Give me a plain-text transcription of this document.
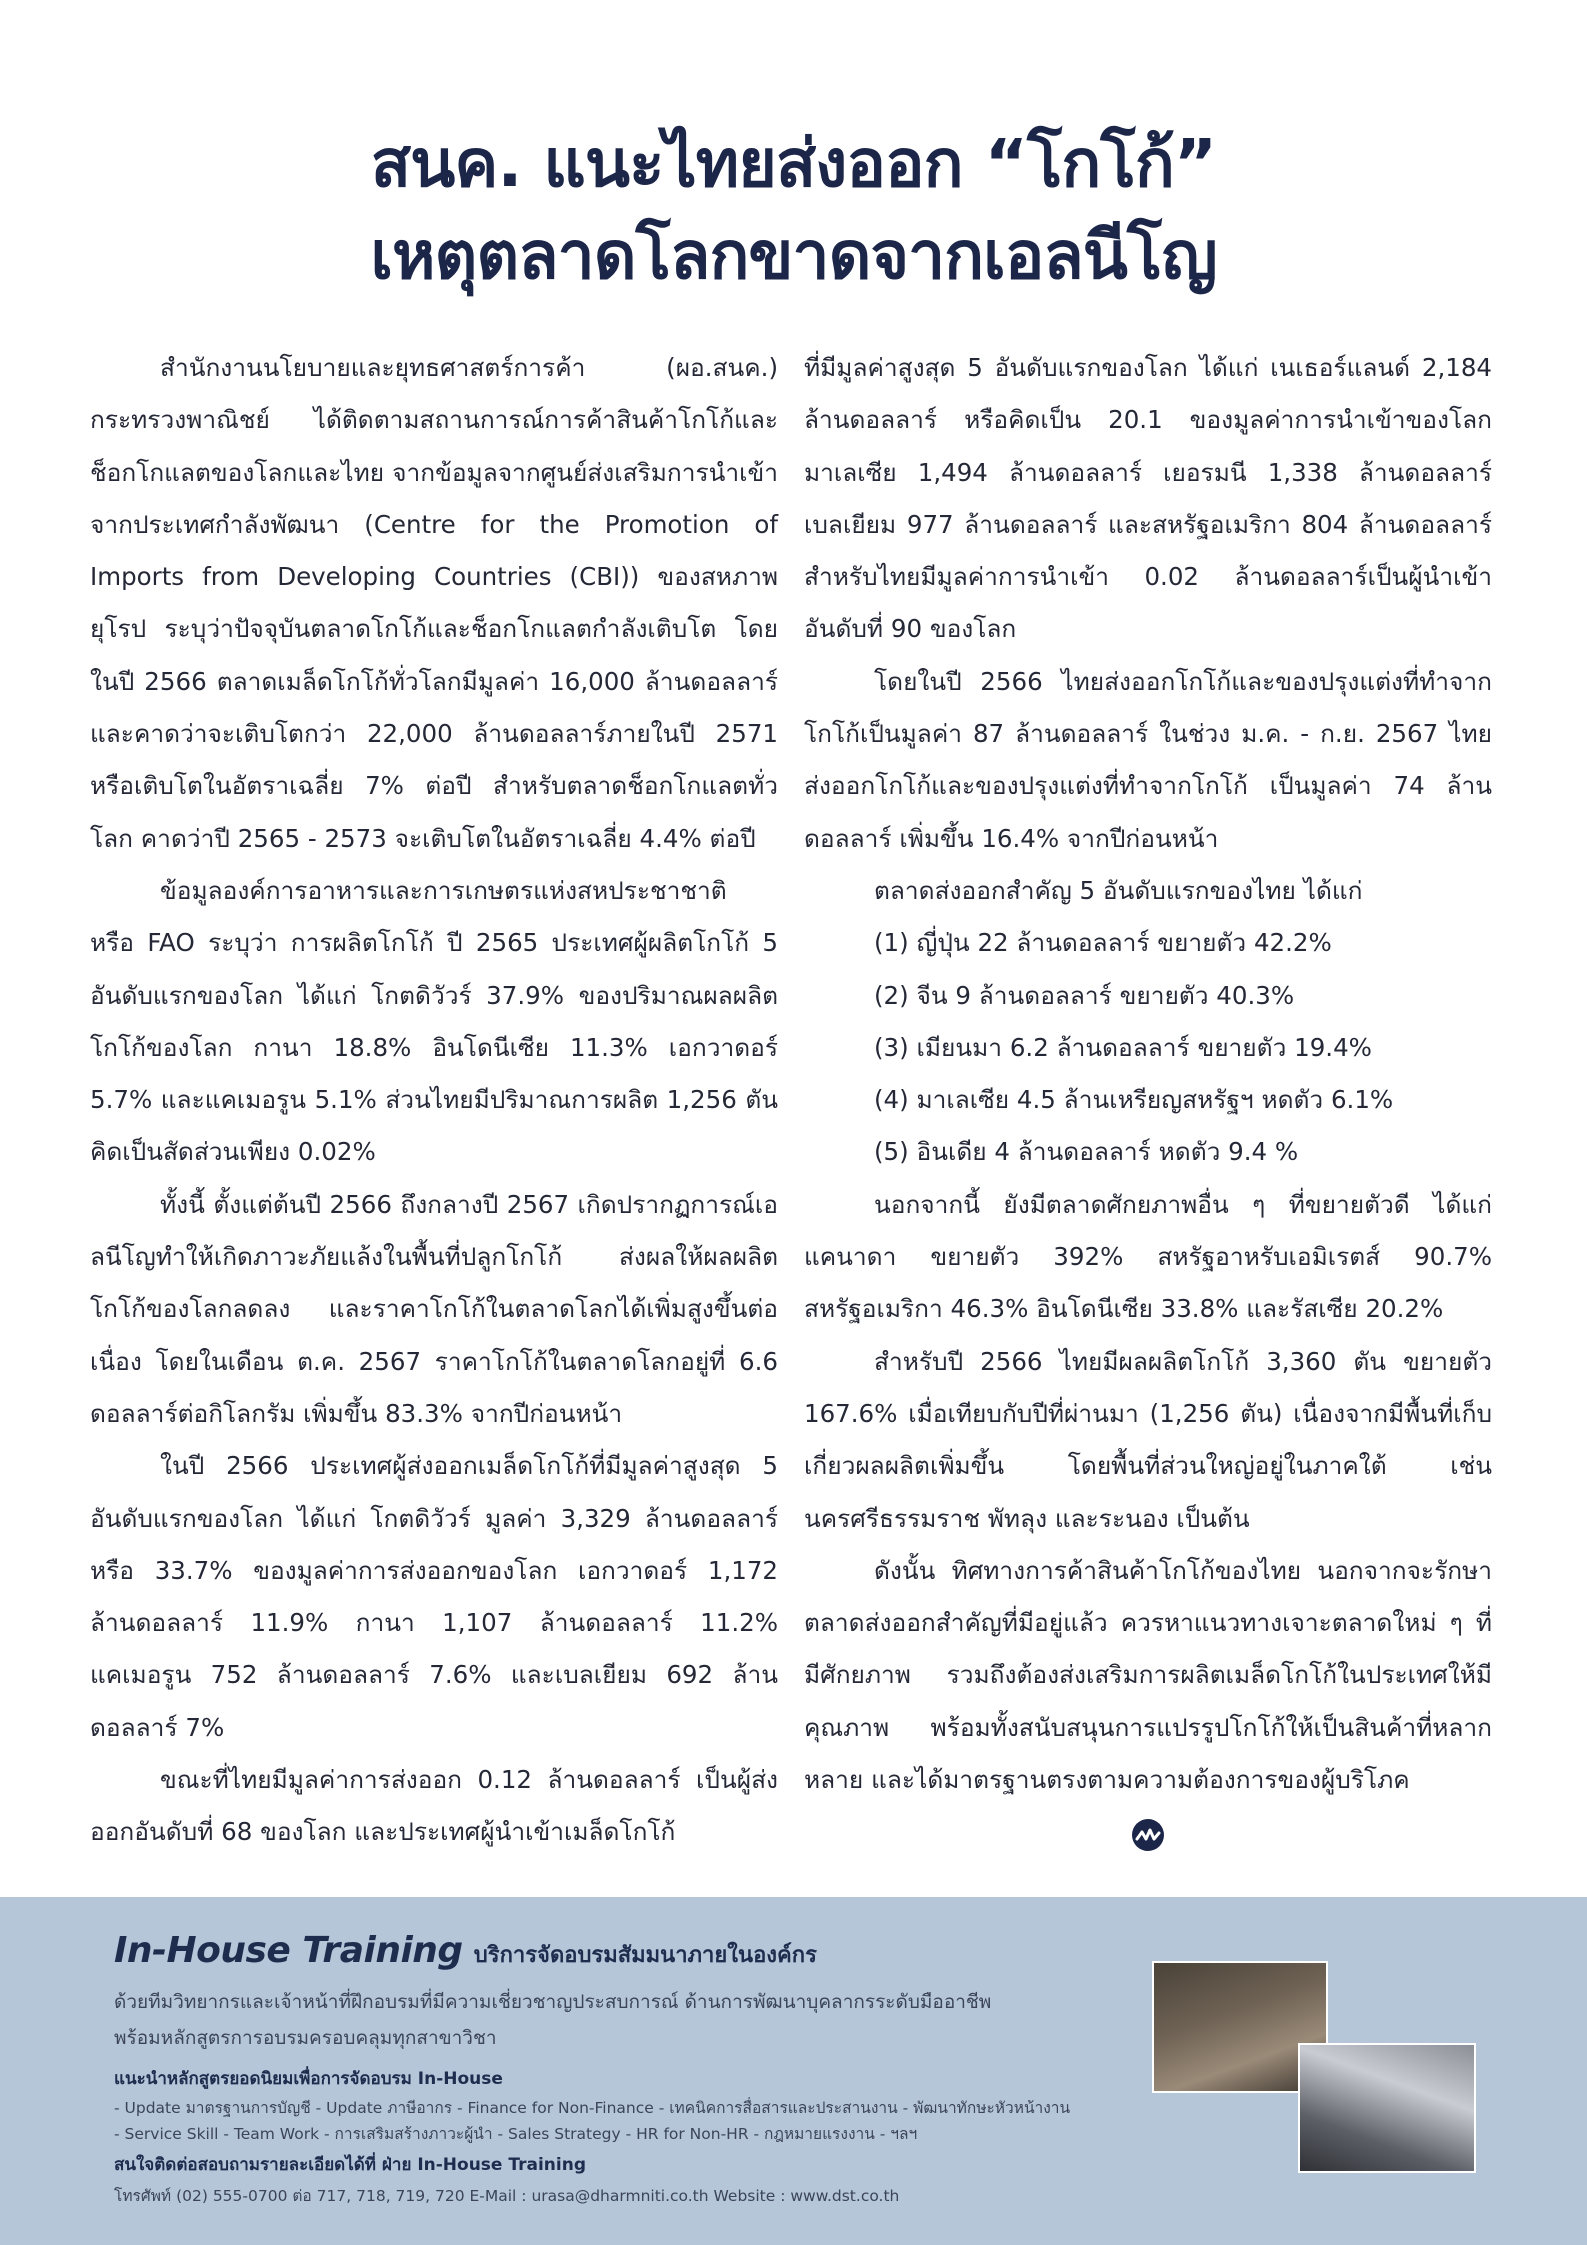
สนค. แนะไทยส่งออก “โกโก้”
เหตุตลาดโลกขาดจากเอลนีโญ

สำนักงานนโยบายและยุทธศาสตร์การค้า (ผอ.สนค.) กระทรวงพาณิชย์ ได้ติดตามสถานการณ์การค้าสินค้าโกโก้และช็อกโกแลตของโลกและไทย จากข้อมูลจากศูนย์ส่งเสริมการนำเข้าจากประเทศกำลังพัฒนา (Centre for the Promotion of Imports from Developing Countries (CBI)) ของสหภาพยุโรป ระบุว่าปัจจุบันตลาดโกโก้และช็อกโกแลตกำลังเติบโต โดยในปี 2566 ตลาดเมล็ดโกโก้ทั่วโลกมีมูลค่า 16,000 ล้านดอลลาร์ และคาดว่าจะเติบโตกว่า 22,000 ล้านดอลลาร์ภายในปี 2571 หรือเติบโตในอัตราเฉลี่ย 7% ต่อปี สำหรับตลาดช็อกโกแลตทั่วโลก คาดว่าปี 2565 - 2573 จะเติบโตในอัตราเฉลี่ย 4.4% ต่อปี

ข้อมูลองค์การอาหารและการเกษตรแห่งสหประชาชาติ หรือ FAO ระบุว่า การผลิตโกโก้ ปี 2565 ประเทศผู้ผลิตโกโก้ 5 อันดับแรกของโลก ได้แก่ โกตดิวัวร์ 37.9% ของปริมาณผลผลิตโกโก้ของโลก กานา 18.8% อินโดนีเซีย 11.3% เอกวาดอร์ 5.7% และแคเมอรูน 5.1% ส่วนไทยมีปริมาณการผลิต 1,256 ตัน คิดเป็นสัดส่วนเพียง 0.02%

ทั้งนี้ ตั้งแต่ต้นปี 2566 ถึงกลางปี 2567 เกิดปรากฏการณ์เอลนีโญทำให้เกิดภาวะภัยแล้งในพื้นที่ปลูกโกโก้ ส่งผลให้ผลผลิตโกโก้ของโลกลดลง และราคาโกโก้ในตลาดโลกได้เพิ่มสูงขึ้นต่อเนื่อง โดยในเดือน ต.ค. 2567 ราคาโกโก้ในตลาดโลกอยู่ที่ 6.6 ดอลลาร์ต่อกิโลกรัม เพิ่มขึ้น 83.3% จากปีก่อนหน้า

ในปี 2566 ประเทศผู้ส่งออกเมล็ดโกโก้ที่มีมูลค่าสูงสุด 5 อันดับแรกของโลก ได้แก่ โกตดิวัวร์ มูลค่า 3,329 ล้านดอลลาร์ หรือ 33.7% ของมูลค่าการส่งออกของโลก เอกวาดอร์ 1,172 ล้านดอลลาร์ 11.9% กานา 1,107 ล้านดอลลาร์ 11.2% แคเมอรูน 752 ล้านดอลลาร์ 7.6% และเบลเยียม 692 ล้านดอลลาร์ 7%

ขณะที่ไทยมีมูลค่าการส่งออก 0.12 ล้านดอลลาร์ เป็นผู้ส่งออกอันดับที่ 68 ของโลก และประเทศผู้นำเข้าเมล็ดโกโก้

ที่มีมูลค่าสูงสุด 5 อันดับแรกของโลก ได้แก่ เนเธอร์แลนด์ 2,184 ล้านดอลลาร์ หรือคิดเป็น 20.1 ของมูลค่าการนำเข้าของโลก มาเลเซีย 1,494 ล้านดอลลาร์ เยอรมนี 1,338 ล้านดอลลาร์ เบลเยียม 977 ล้านดอลลาร์ และสหรัฐอเมริกา 804 ล้านดอลลาร์ สำหรับไทยมีมูลค่าการนำเข้า 0.02 ล้านดอลลาร์เป็นผู้นำเข้าอันดับที่ 90 ของโลก

โดยในปี 2566 ไทยส่งออกโกโก้และของปรุงแต่งที่ทำจากโกโก้เป็นมูลค่า 87 ล้านดอลลาร์ ในช่วง ม.ค. - ก.ย. 2567 ไทยส่งออกโกโก้และของปรุงแต่งที่ทำจากโกโก้ เป็นมูลค่า 74 ล้านดอลลาร์ เพิ่มขึ้น 16.4% จากปีก่อนหน้า

ตลาดส่งออกสำคัญ 5 อันดับแรกของไทย ได้แก่

(1) ญี่ปุ่น 22 ล้านดอลลาร์ ขยายตัว 42.2%

(2) จีน 9 ล้านดอลลาร์ ขยายตัว 40.3%

(3) เมียนมา 6.2 ล้านดอลลาร์ ขยายตัว 19.4%

(4) มาเลเซีย 4.5 ล้านเหรียญสหรัฐฯ หดตัว 6.1%

(5) อินเดีย 4 ล้านดอลลาร์ หดตัว 9.4 %

นอกจากนี้ ยังมีตลาดศักยภาพอื่น ๆ ที่ขยายตัวดี ได้แก่ แคนาดา ขยายตัว 392% สหรัฐอาหรับเอมิเรตส์ 90.7% สหรัฐอเมริกา 46.3% อินโดนีเซีย 33.8% และรัสเซีย 20.2%

สำหรับปี 2566 ไทยมีผลผลิตโกโก้ 3,360 ตัน ขยายตัว 167.6% เมื่อเทียบกับปีที่ผ่านมา (1,256 ตัน) เนื่องจากมีพื้นที่เก็บเกี่ยวผลผลิตเพิ่มขึ้น โดยพื้นที่ส่วนใหญ่อยู่ในภาคใต้ เช่น นครศรีธรรมราช พัทลุง และระนอง เป็นต้น

ดังนั้น ทิศทางการค้าสินค้าโกโก้ของไทย นอกจากจะรักษาตลาดส่งออกสำคัญที่มีอยู่แล้ว ควรหาแนวทางเจาะตลาดใหม่ ๆ ที่มีศักยภาพ รวมถึงต้องส่งเสริมการผลิตเมล็ดโกโก้ในประเทศให้มีคุณภาพ พร้อมทั้งสนับสนุนการแปรรูปโกโก้ให้เป็นสินค้าที่หลากหลาย และได้มาตรฐานตรงตามความต้องการของผู้บริโภค

In-House Training บริการจัดอบรมสัมมนาภายในองค์กร
ด้วยทีมวิทยากรและเจ้าหน้าที่ฝึกอบรมที่มีความเชี่ยวชาญประสบการณ์ ด้านการพัฒนาบุคลากรระดับมืออาชีพ
พร้อมหลักสูตรการอบรมครอบคลุมทุกสาขาวิชา
แนะนำหลักสูตรยอดนิยมเพื่อการจัดอบรม In-House
- Update มาตรฐานการบัญชี - Update ภาษีอากร - Finance for Non-Finance - เทคนิคการสื่อสารและประสานงาน - พัฒนาทักษะหัวหน้างาน
- Service Skill - Team Work - การเสริมสร้างภาวะผู้นำ - Sales Strategy - HR for Non-HR - กฎหมายแรงงาน - ฯลฯ
สนใจติดต่อสอบถามรายละเอียดได้ที่ ฝ่าย In-House Training
โทรศัพท์ (02) 555-0700 ต่อ 717, 718, 719, 720 E-Mail : urasa@dharmniti.co.th Website : www.dst.co.th
